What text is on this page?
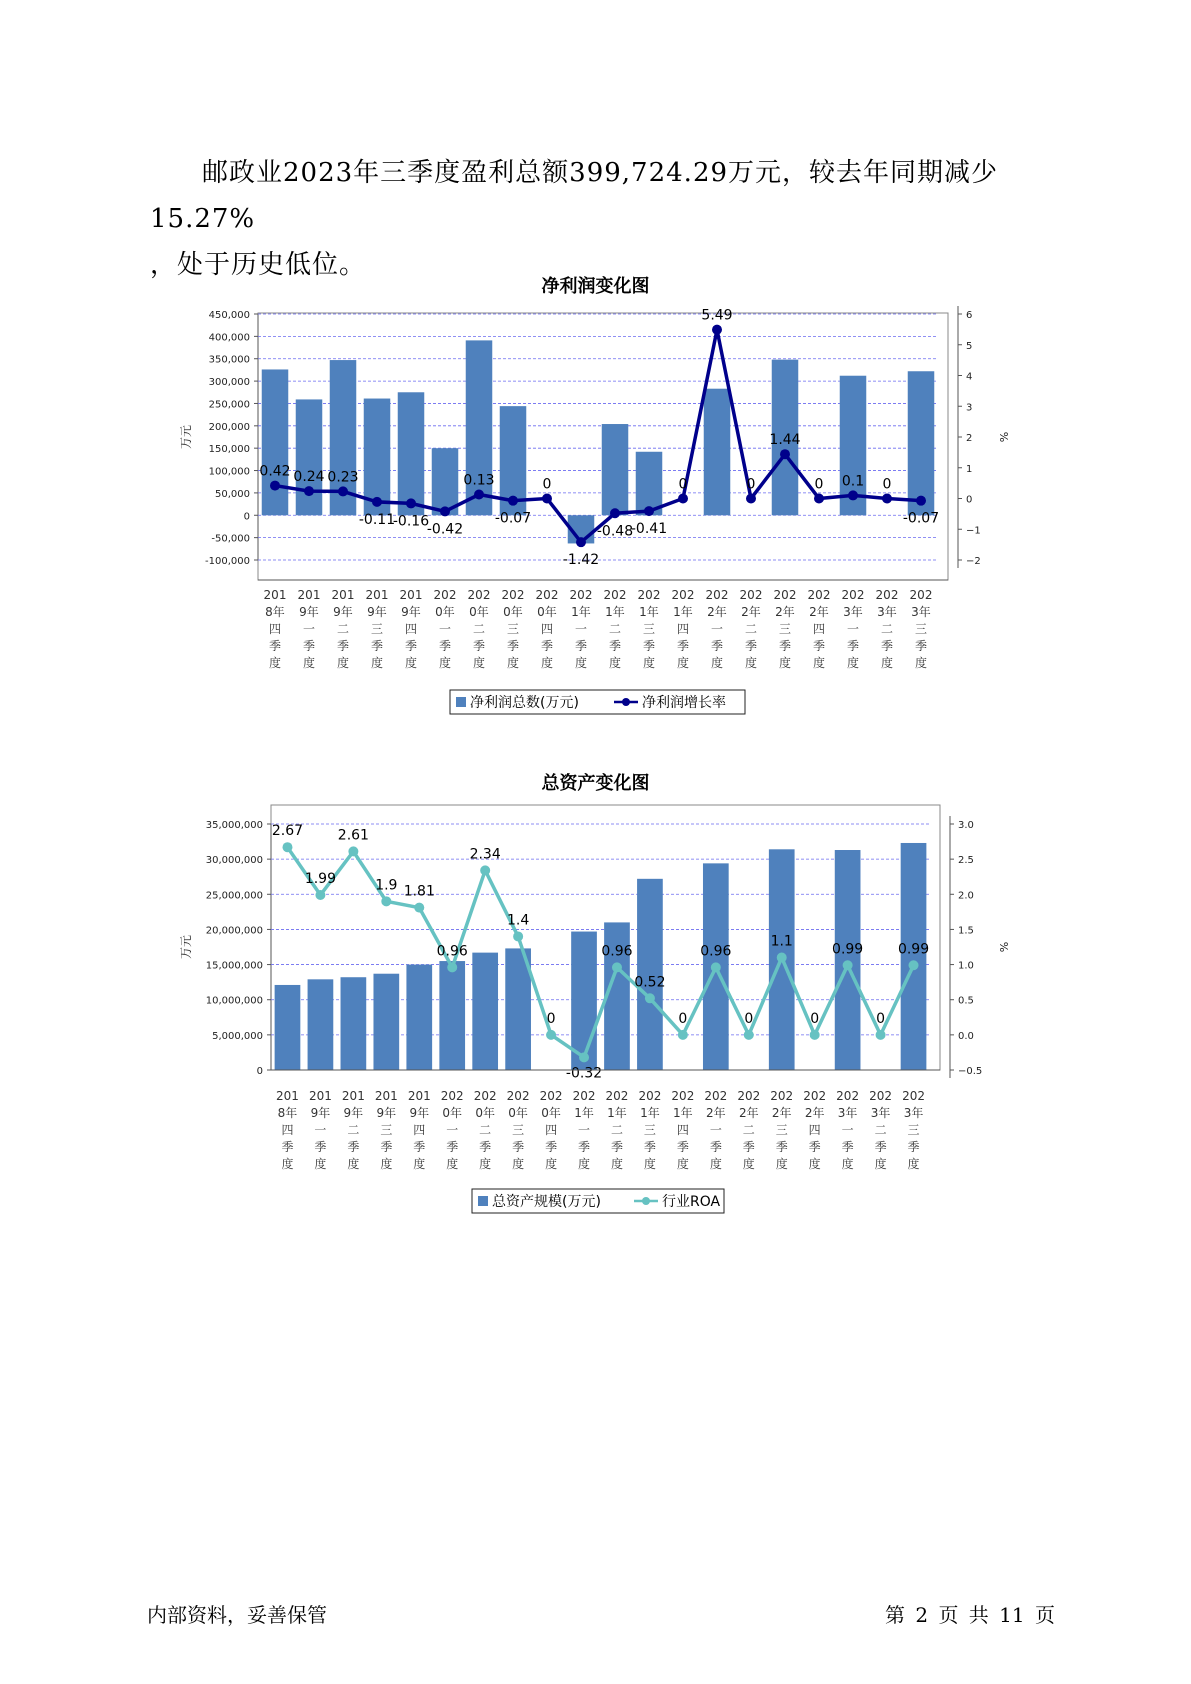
邮政业2023年三季度盈利总额399,724.29万元，较去年同期减少15.27%
，处于历史低位。
净利润变化图
450,000
400,000
350,000
300,000
250,000
200,000
150,000
100,000
50,000
0
-50,000
-100,000
6
5
4
3
2
1
0
−1
−2
万元	%
0.42 0.24 0.23
-0.11
-0.16
-0.42
0.13
-0.07
0
-1.42
-0.48
-0.41
0
5.49
0
1.44
0 0.1 0
-0.07
201
8年
四
季
度
201
9年
一
季
度
201
9年
二
季
度
201
9年
三
季
度
201
9年
四
季
度
202
0年
一
季
度
202
0年
二
季
度
202
0年
三
季
度
202
0年
四
季
度
202
1年
一
季
度
202
1年
二
季
度
202
1年
三
季
度
202
1年
四
季
度
202
2年
一
季
度
202
2年
二
季
度
202
2年
三
季
度
202
2年
四
季
度
202
3年
一
季
度
202
3年
二
季
度
202
3年
三
季
度
净利润总数(万元)	净利润增长率
总资产变化图
35,000,000
30,000,000
25,000,000
20,000,000
15,000,000
10,000,000
5,000,000
0
3.0
2.5
2.0
1.5
1.0
0.5
0.0
−0.5
万元	%
2.67
1.99
2.61
1.9 1.81
0.96
2.34
1.4
0
-0.32
0.96
0.52
0
0.96
0
1.1
0
0.99
0
0.99
201
8年
四
季
度
201
9年
一
季
度
201
9年
二
季
度
201
9年
三
季
度
201
9年
四
季
度
202
0年
一
季
度
202
0年
二
季
度
202
0年
三
季
度
202
0年
四
季
度
202
1年
一
季
度
202
1年
二
季
度
202
1年
三
季
度
202
1年
四
季
度
202
2年
一
季
度
202
2年
二
季
度
202
2年
三
季
度
202
2年
四
季
度
202
3年
一
季
度
202
3年
二
季
度
202
3年
三
季
度
总资产规模(万元)	行业ROA
内部资料，妥善保管	第 2 页 共 11 页
